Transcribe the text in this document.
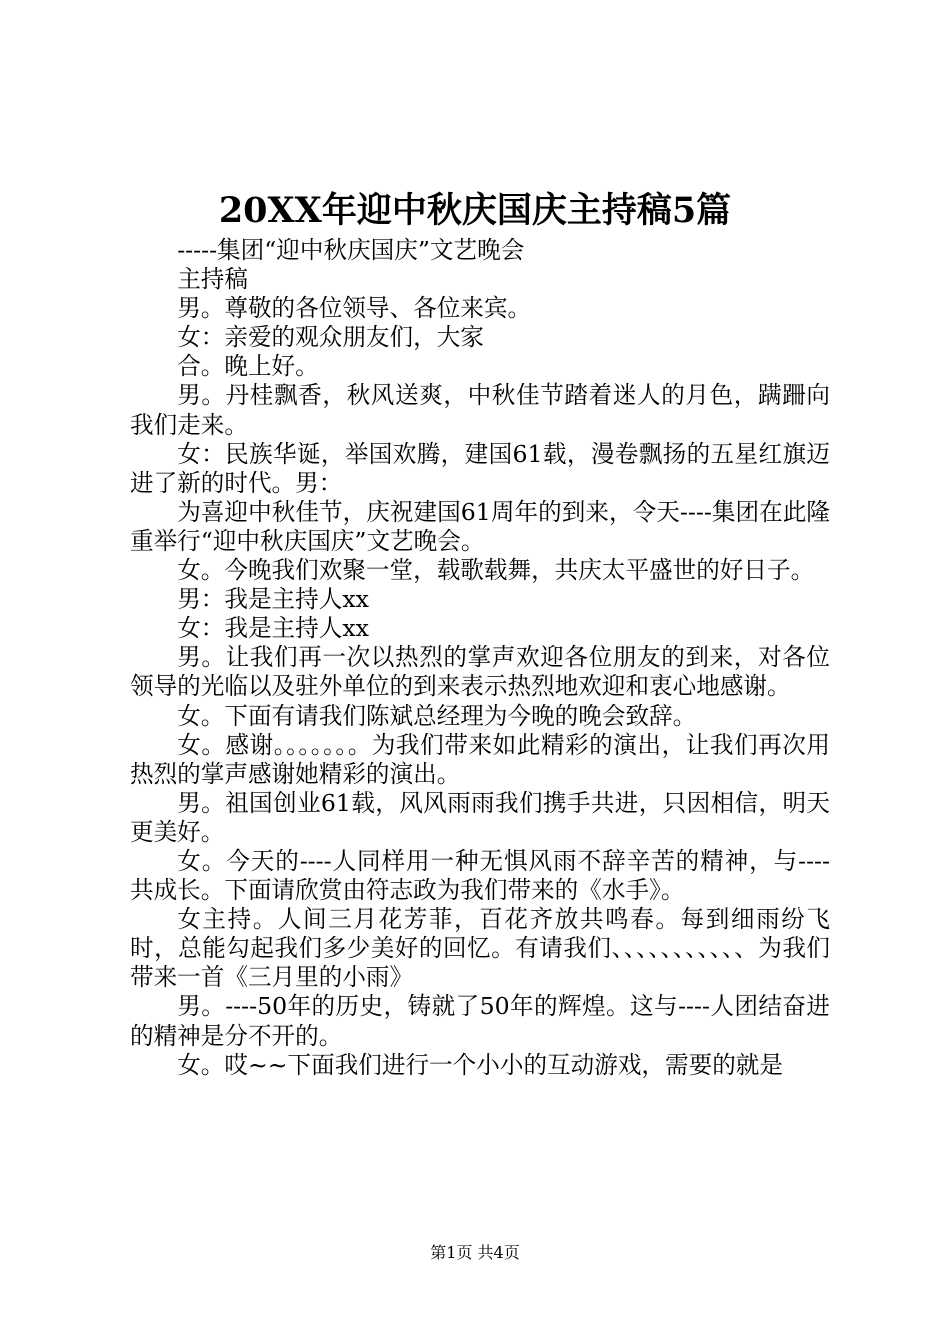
20XX年迎中秋庆国庆主持稿5篇

-----集团“迎中秋庆国庆”文艺晚会

主持稿

男。尊敬的各位领导、各位来宾。

女：亲爱的观众朋友们，大家

合。晚上好。

男。丹桂飘香，秋风送爽，中秋佳节踏着迷人的月色，蹒跚向我们走来。

女：民族华诞，举国欢腾，建国61载，漫卷飘扬的五星红旗迈进了新的时代。男：

为喜迎中秋佳节，庆祝建国61周年的到来，令天----集团在此隆重举行“迎中秋庆国庆”文艺晚会。

女。今晚我们欢聚一堂，载歌载舞，共庆太平盛世的好日子。

男：我是主持人xx

女：我是主持人xx

男。让我们再一次以热烈的掌声欢迎各位朋友的到来，对各位领导的光临以及驻外单位的到来表示热烈地欢迎和衷心地感谢。

女。下面有请我们陈斌总经理为今晚的晚会致辞。

女。感谢。。。。。。。为我们带来如此精彩的演出，让我们再次用热烈的掌声感谢她精彩的演出。

男。祖国创业61载，风风雨雨我们携手共进，只因相信，明天更美好。

女。今天的----人同样用一种无惧风雨不辞辛苦的精神，与----共成长。下面请欣赏由符志政为我们带来的《水手》。

女主持。人间三月花芳菲，百花齐放共鸣春。每到细雨纷飞时，总能勾起我们多少美好的回忆。有请我们、、、、、、、、、、、为我们带来一首《三月里的小雨》

男。----50年的历史，铸就了50年的辉煌。这与----人团结奋进的精神是分不开的。

女。哎~~下面我们进行一个小小的互动游戏，需要的就是

第1页 共4页
